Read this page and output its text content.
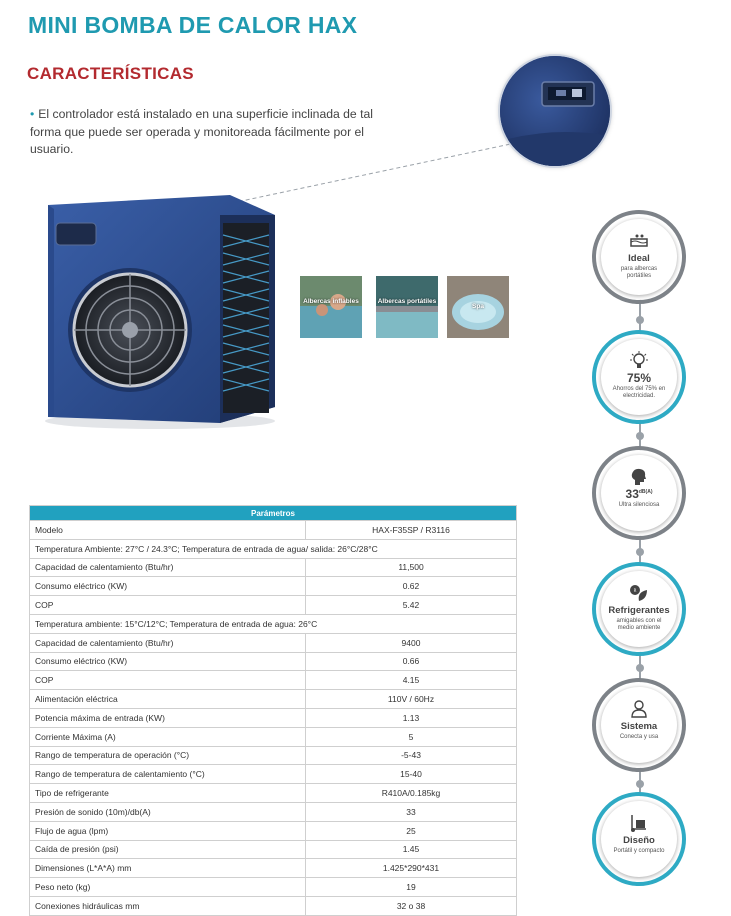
MINI BOMBA DE CALOR HAX
CARACTERÍSTICAS
• El controlador está instalado en una superficie inclinada de tal forma que puede ser operada y monitoreada fácilmente por el usuario.
Albercas inflables	Albercas portátiles
Spa
Parámetros	
Modelo	HAX-F35SP / R3116
Temperatura Ambiente: 27°C / 24.3°C; Temperatura de entrada de agua/ salida: 26°C/28°C	
Capacidad de calentamiento (Btu/hr)	11,500
Consumo eléctrico (KW)	0.62
COP	5.42
Temperatura ambiente: 15°C/12°C; Temperatura de entrada de agua: 26°C	
Capacidad de calentamiento (Btu/hr)	9400
Consumo eléctrico (KW)	0.66
COP	4.15
Alimentación eléctrica	110V / 60Hz
Potencia máxima de entrada (KW)	1.13
Corriente Máxima (A)	5
Rango de temperatura de operación (°C)	-5-43
Rango de temperatura de calentamiento (°C)	15-40
Tipo de refrigerante	R410A/0.185kg
Presión de sonido (10m)/db(A)	33
Flujo de agua (lpm)	25
Caída de presión (psi)	1.45
Dimensiones (L*A*A) mm	1.425*290*431
Peso neto (kg)	19
Conexiones hidráulicas mm	32 o 38
Ideal
para albercas portátiles
75%
Ahorros del 75% en electricidad.
$33^{dB(A)}$
Ultra silenciosa
R
Refrigerantes
amigables con el medio ambiente
Sistema
Conecta y usa
Diseño
Portátil y compacto
